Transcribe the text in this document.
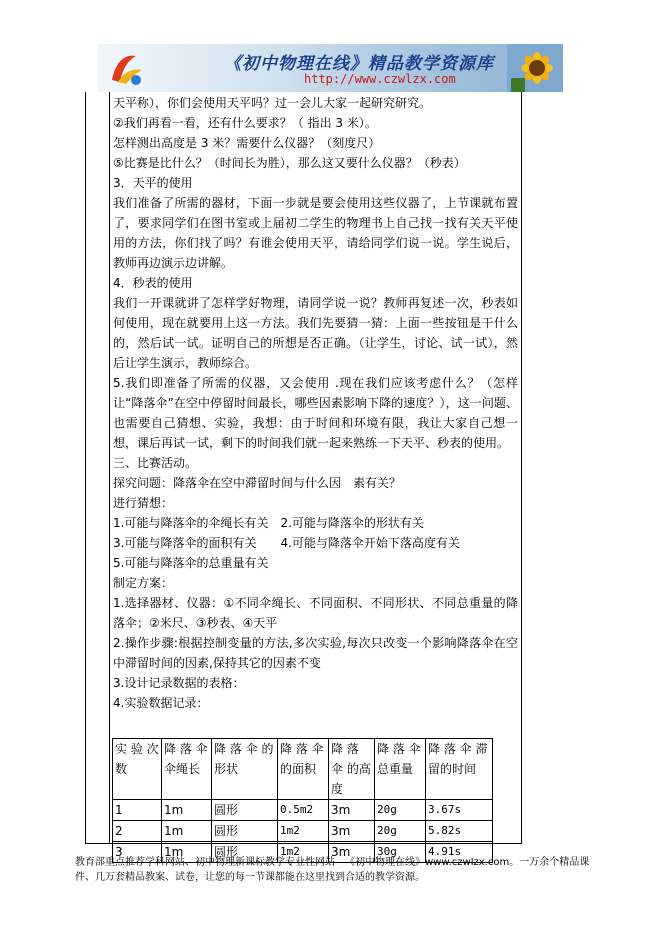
《初中物理在线》精品教学资源库
http://www.czwlzx.com

天平称），你们会使用天平吗？过一会儿大家一起研究研究。

②我们再看一看，还有什么要求？（ 指出 3 米）。

怎样测出高度是 3 米？需要什么仪器？（刻度尺）

⑤比赛是比什么？（时间长为胜），那么这又要什么仪器？（秒表）

3．天平的使用

我们准备了所需的器材，下面一步就是要会使用这些仪器了，上节课就布置了，要求同学们在图书室或上届初二学生的物理书上自己找一找有关天平使用的方法，你们找了吗？有谁会使用天平，请给同学们说一说。学生说后，教师再边演示边讲解。

4．秒表的使用

我们一开课就讲了怎样学好物理，请同学说一说？教师再复述一次，秒表如何使用，现在就要用上这一方法。我们先要猜一猜：上面一些按钮是干什么的，然后试一试。证明自己的所想是否正确。（让学生，讨论、试一试），然后让学生演示，教师综合。

5.我们即准备了所需的仪器，又会使用 .现在我们应该考虑什么？（怎样让“降落伞”在空中停留时间最长，哪些因素影响下降的速度？），这一问题、也需要自己猜想、实验，我想：由于时间和环境有限，我让大家自己想一想，课后再试一试，剩下的时间我们就一起来熟练一下天平、秒表的使用。

三、比赛活动。

探究问题：降落伞在空中滞留时间与什么因　素有关？

进行猜想：

1.可能与降落伞的伞绳长有关　2.可能与降落伞的形状有关

3.可能与降落伞的面积有关　　4.可能与降落伞开始下落高度有关

5.可能与降落伞的总重量有关

制定方案：

1.选择器材、仪器：①不同伞绳长、不同面积、不同形状、不同总重量的降落伞；②米尺、③秒表、④天平

2.操作步骤:根据控制变量的方法,多次实验,每次只改变一个影响降落伞在空中滞留时间的因素,保持其它的因素不变

3.设计记录数据的表格：

4.实验数据记录：

实 验 次 数	降 落 伞 伞绳长	降 落 伞 的 形状	降 落 伞 的面积	降 落 伞 的高度	降 落 伞 总重量	降 落 伞 滞 留的时间
1	1m	圆形	0.5m2	3m	20g	3.67s
2	1m	圆形	1m2	3m	20g	5.82s
3	1m	圆形	1m2	3m	30g	4.91s
教育部重点推荐学科网站、初中物理新课标教学专业性网站—《初中物理在线》www.czwlzx.com。一万余个精品课件、几万套精品教案、试卷，让您的每一节课都能在这里找到合适的教学资源。
